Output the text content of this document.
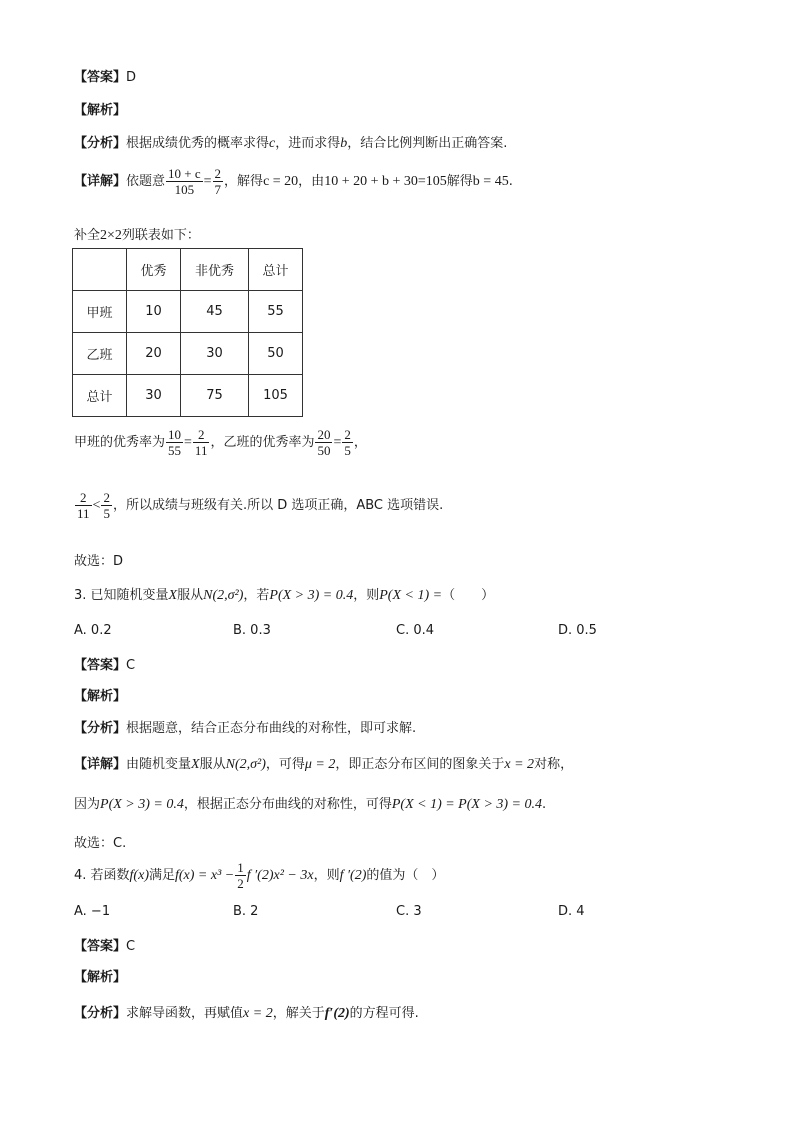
【答案】D
【解析】
【分析】根据成绩优秀的概率求得c，进而求得b，结合比例判断出正确答案.
【详解】依题意 $\frac{10 + c}{105} = \frac{2}{7}$ ，解得c = 20，由10 + 20 + b + 30=105解得b = 45.
补全2×2列联表如下：
	优秀	非优秀	总计
甲班	10	45	55
乙班	20	30	50
总计	30	75	105
甲班的优秀率为 $\frac{10}{55} = \frac{2}{11}$ ，乙班的优秀率为 $\frac{20}{50} = \frac{2}{5}$ ，
$\frac{2}{11} < \frac{2}{5}$ ，所以成绩与班级有关.所以 D 选项正确，ABC 选项错误.
故选：D
3. 已知随机变量X服从N(2,σ²)，若P(X > 3) = 0.4，则P(X < 1) =（　　）
A. 0.2	B. 0.3	C. 0.4	D. 0.5
【答案】C
【解析】
【分析】根据题意，结合正态分布曲线的对称性，即可求解.
【详解】由随机变量X服从N(2,σ²)，可得μ = 2，即正态分布区间的图象关于x = 2对称，
因为P(X > 3) = 0.4，根据正态分布曲线的对称性，可得P(X < 1) = P(X > 3) = 0.4.
故选：C.
4. 若函数f(x)满足$f(x) = x^3 - \frac{1}{2}$ f ′(2)x² − 3x，则f ′(2)的值为（　）
A. −1	B. 2	C. 3	D. 4
【答案】C
【解析】
【分析】求解导函数，再赋值x = 2，解关于f′(2)的方程可得.
